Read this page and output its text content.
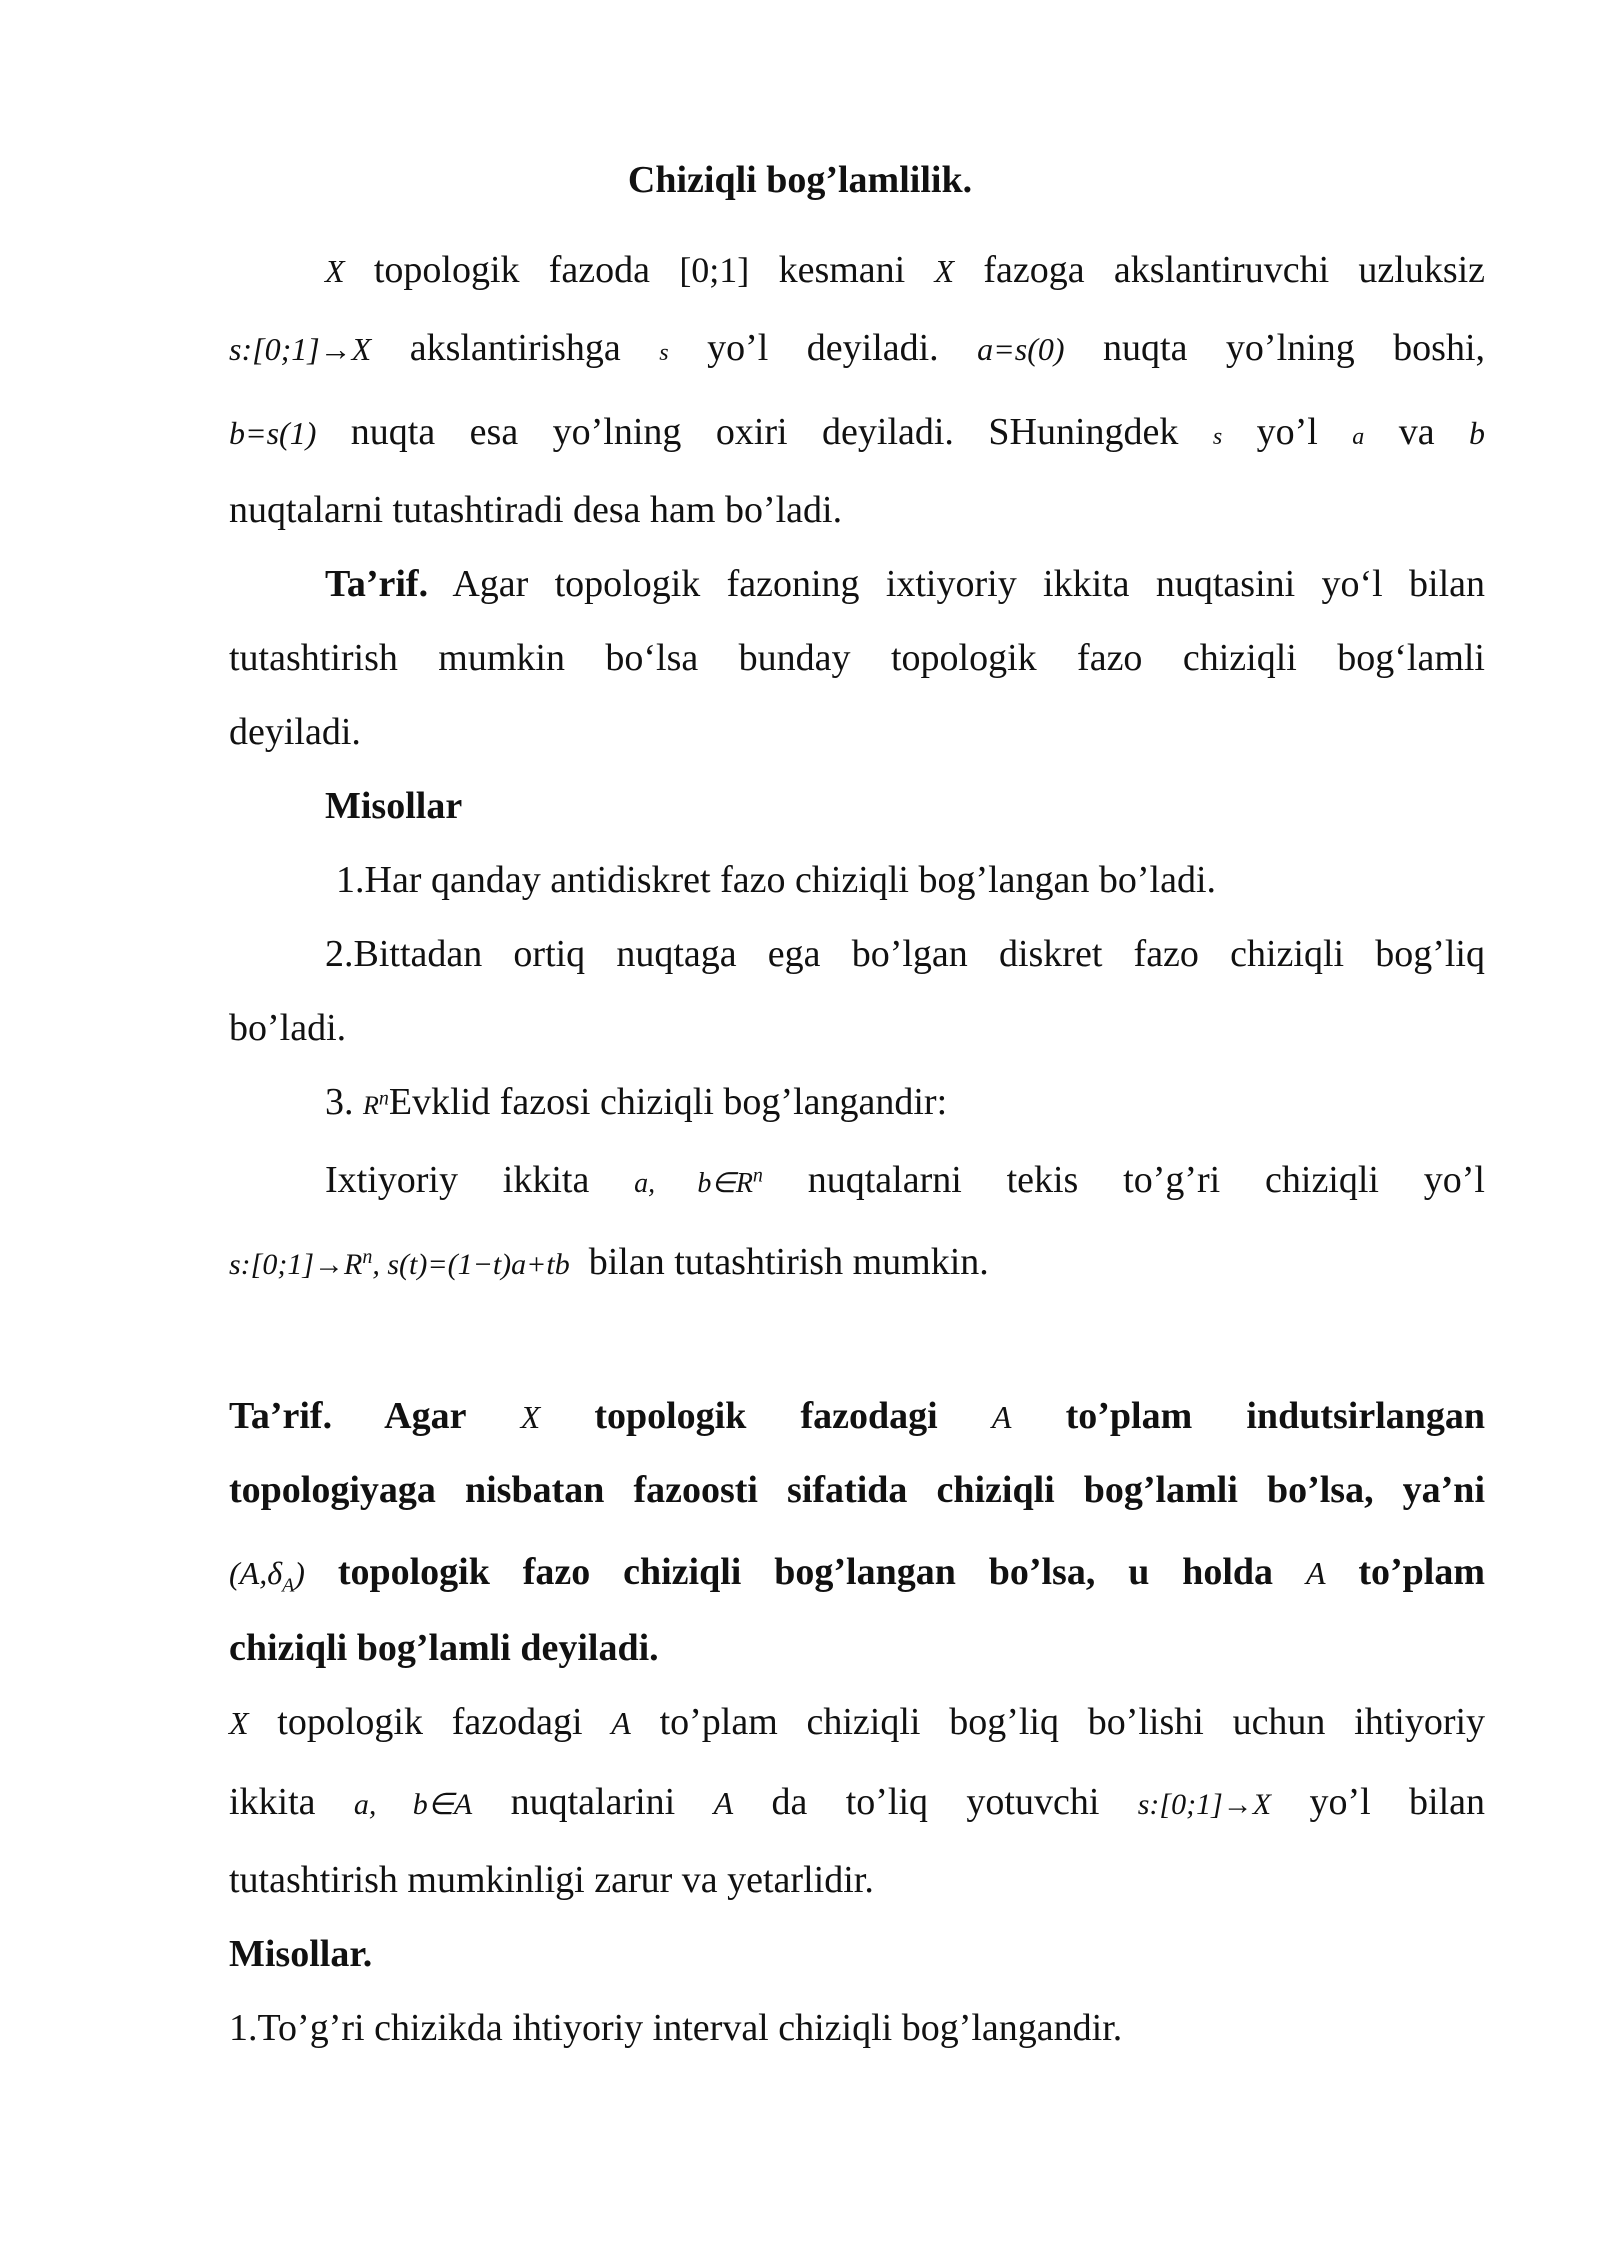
Chiziqli bog’lamlilik.
X topologik fazoda [0;1] kesmani X fazoga akslantiruvchi uzluksiz
s:[0;1]→X akslantirishga s yo’l deyiladi. a=s(0) nuqta yo’lning boshi,
b=s(1) nuqta esa yo’lning oxiri deyiladi. SHuningdek s yo’l a va b
nuqtalarni tutashtiradi desa ham bo’ladi.
Ta’rif. Agar topologik fazoning ixtiyoriy ikkita nuqtasini yo‘l bilan
tutashtirish mumkin bo‘lsa bunday topologik fazo chiziqli bog‘lamli
deyiladi.
Misollar
1.Har qanday antidiskret fazo chiziqli bog’langan bo’ladi.
2.Bittadan ortiq nuqtaga ega bo’lgan diskret fazo chiziqli bog’liq
bo’ladi.
3. $R^nEvklid$ fazosi chiziqli bog’langandir:
Ixtiyoriy ikkita a, $b\in R^n$ nuqtalarni tekis to’g’ri chiziqli yo’l
$s:[0;1]\to R^n$, s(t)=(1−t)a+tb bilan tutashtirish mumkin.
Ta’rif. Agar X topologik fazodagi A to’plam indutsirlangan
topologiyaga nisbatan fazoosti sifatida chiziqli bog’lamli bo’lsa, ya’ni
$(A,\delta_A)$ topologik fazo chiziqli bog’langan bo’lsa, u holda A to’plam
chiziqli bog’lamli deyiladi.
X topologik fazodagi A to’plam chiziqli bog’liq bo’lishi uchun ihtiyoriy
ikkita a, b∈A nuqtalarini A da to’liq yotuvchi s:[0;1]→X yo’l bilan
tutashtirish mumkinligi zarur va yetarlidir.
Misollar.
1.To’g’ri chizikda ihtiyoriy interval chiziqli bog’langandir.
